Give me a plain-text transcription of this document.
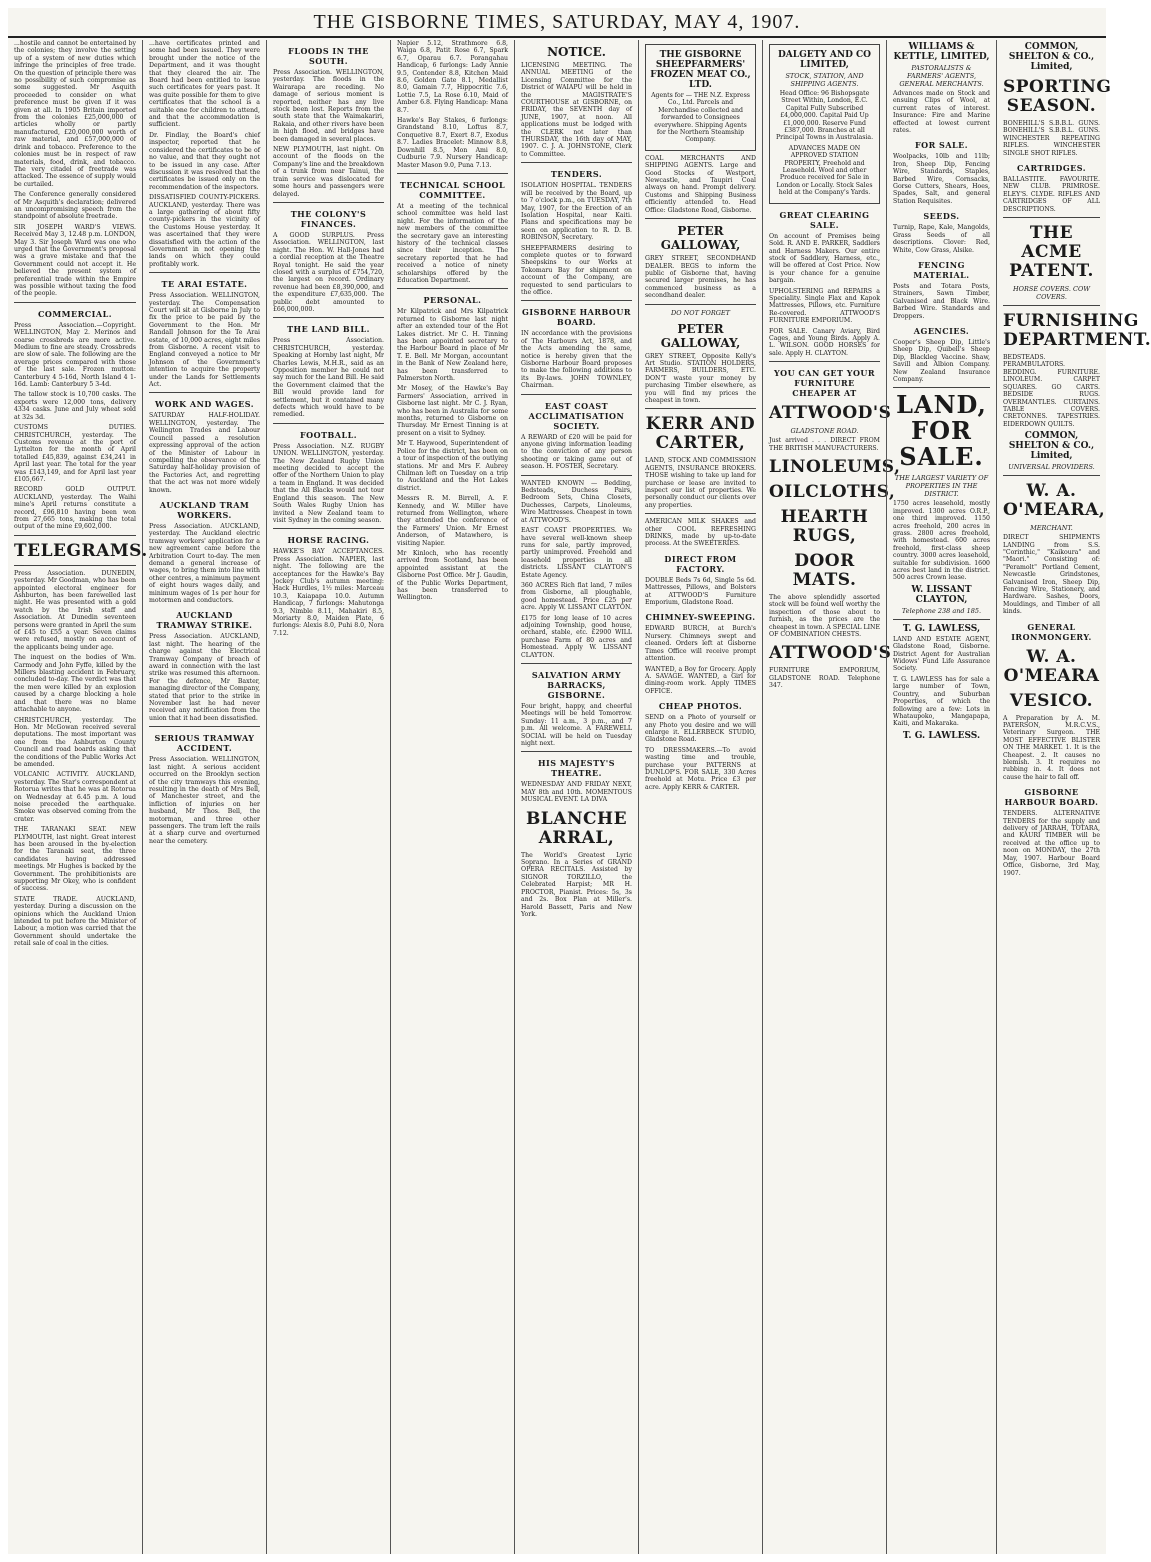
THE GISBORNE TIMES, SATURDAY, MAY 4, 1907.

...hostile and cannot be entertained by the colonies; they involve the setting up of a system of new duties which infringe the principles of free trade. On the question of principle there was no possibility of such compromise as some suggested. Mr Asquith proceeded to consider on what preference must be given if it was given at all. In 1905 Britain imported from the colonies £25,000,000 of articles wholly or partly manufactured, £20,000,000 worth of raw material, and £57,000,000 of drink and tobacco. Preference to the colonies must be in respect of raw materials, food, drink, and tobacco. The very citadel of freetrade was attacked. The essence of supply would be curtailed.

The Conference generally considered of Mr Asquith's declaration; delivered an uncompromising speech from the standpoint of absolute freetrade.

SIR JOSEPH WARD'S VIEWS. Received May 3, 12.48 p.m. LONDON, May 3. Sir Joseph Ward was one who urged that the Government's proposal was a grave mistake and that the Government could not accept it. He believed the present system of preferential trade within the Empire was possible without taxing the food of the people.

COMMERCIAL.

Press Association.—Copyright. WELLINGTON, May 2. Merinos and coarse crossbreds are more active. Medium to fine are steady. Crossbreds are slow of sale. The following are the average prices compared with those of the last sale. Frozen mutton: Canterbury 4 5-16d, North Island 4 1-16d. Lamb: Canterbury 5 3-4d.

The tallow stock is 10,700 casks. The exports were 12,000 tons, delivery 4334 casks. June and July wheat sold at 32s 3d.

CUSTOMS DUTIES. CHRISTCHURCH, yesterday. The Customs revenue at the port of Lyttelton for the month of April totalled £45,839, against £34,241 in April last year. The total for the year was £143,149, and for April last year £105,667.

RECORD GOLD OUTPUT. AUCKLAND, yesterday. The Waihi mine's April returns constitute a record, £96,810 having been won from 27,665 tons, making the total output of the mine £9,602,000.

TELEGRAMS.

Press Association. DUNEDIN, yesterday. Mr Goodman, who has been appointed electoral engineer for Ashburton, has been farewelled last night. He was presented with a gold watch by the Irish staff and Association. At Dunedin seventeen persons were granted in April the sum of £45 to £55 a year. Seven claims were refused, mostly on account of the applicants being under age.

The inquest on the bodies of Wm. Carmody and John Fyffe, killed by the Millers blasting accident in February, concluded to-day. The verdict was that the men were killed by an explosion caused by a charge blocking a hole and that there was no blame attachable to anyone.

CHRISTCHURCH, yesterday. The Hon. Mr McGowan received several deputations. The most important was one from the Ashburton County Council and road boards asking that the conditions of the Public Works Act be amended.

VOLCANIC ACTIVITY. AUCKLAND, yesterday. The Star's correspondent at Rotorua writes that he was at Rotorua on Wednesday at 6.45 p.m. A loud noise preceded the earthquake. Smoke was observed coming from the crater.

THE TARANAKI SEAT. NEW PLYMOUTH, last night. Great interest has been aroused in the by-election for the Taranaki seat, the three candidates having addressed meetings. Mr Hughes is backed by the Government. The prohibitionists are supporting Mr Okey, who is confident of success.

STATE TRADE. AUCKLAND, yesterday. During a discussion on the opinions which the Auckland Union intended to put before the Minister of Labour, a motion was carried that the Government should undertake the retail sale of coal in the cities.

...have certificates printed and some had been issued. They were brought under the notice of the Department, and it was thought that they cleared the air. The Board had been entitled to issue such certificates for years past. It was quite possible for them to give certificates that the school is a suitable one for children to attend, and that the accommodation is sufficient.

Dr. Findlay, the Board's chief inspector, reported that he considered the certificates to be of no value, and that they ought not to be issued in any case. After discussion it was resolved that the certificates be issued only on the recommendation of the inspectors.

DISSATISFIED COUNTY-PICKERS. AUCKLAND, yesterday. There was a large gathering of about fifty county-pickers in the vicinity of the Customs House yesterday. It was ascertained that they were dissatisfied with the action of the Government in not opening the lands on which they could profitably work.

TE ARAI ESTATE.

Press Association. WELLINGTON, yesterday. The Compensation Court will sit at Gisborne in July to fix the price to be paid by the Government to the Hon. Mr Randall Johnson for the Te Arai estate, of 10,000 acres, eight miles from Gisborne. A recent visit to England conveyed a notice to Mr Johnson of the Government's intention to acquire the property under the Lands for Settlements Act.

WORK AND WAGES.

SATURDAY HALF-HOLIDAY. WELLINGTON, yesterday. The Wellington Trades and Labour Council passed a resolution expressing approval of the action of the Minister of Labour in compelling the observance of the Saturday half-holiday provision of the Factories Act, and regretting that the act was not more widely known.

AUCKLAND TRAM WORKERS.

Press Association. AUCKLAND, yesterday. The Auckland electric tramway workers' application for a new agreement came before the Arbitration Court to-day. The men demand a general increase of wages, to bring them into line with other centres, a minimum payment of eight hours wages daily, and minimum wages of 1s per hour for motormen and conductors.

AUCKLAND TRAMWAY STRIKE.

Press Association. AUCKLAND, last night. The hearing of the charge against the Electrical Tramway Company of breach of award in connection with the last strike was resumed this afternoon. For the defence, Mr Baxter, managing director of the Company, stated that prior to the strike in November last he had never received any notification from the union that it had been dissatisfied.

SERIOUS TRAMWAY ACCIDENT.

Press Association. WELLINGTON, last night. A serious accident occurred on the Brooklyn section of the city tramways this evening, resulting in the death of Mrs Bell, of Manchester street, and the infliction of injuries on her husband, Mr Thos. Bell, the motorman, and three other passengers. The tram left the rails at a sharp curve and overturned near the cemetery.

FLOODS IN THE SOUTH.

Press Association. WELLINGTON, yesterday. The floods in the Wairarapa are receding. No damage of serious moment is reported, neither has any live stock been lost. Reports from the south state that the Waimakariri, Rakaia, and other rivers have been in high flood, and bridges have been damaged in several places.

NEW PLYMOUTH, last night. On account of the floods on the Company's line and the breakdown of a trunk from near Tainui, the train service was dislocated for some hours and passengers were delayed.

THE COLONY'S FINANCES.

A GOOD SURPLUS. Press Association. WELLINGTON, last night. The Hon. W. Hall-Jones had a cordial reception at the Theatre Royal tonight. He said the year closed with a surplus of £754,720, the largest on record. Ordinary revenue had been £8,390,000, and the expenditure £7,635,000. The public debt amounted to £66,000,000.

THE LAND BILL.

Press Association. CHRISTCHURCH, yesterday. Speaking at Hornby last night, Mr Charles Lewis, M.H.R., said as an Opposition member he could not say much for the Land Bill. He said the Government claimed that the Bill would provide land for settlement, but it contained many defects which would have to be remedied.

FOOTBALL.

Press Association. N.Z. RUGBY UNION. WELLINGTON, yesterday. The New Zealand Rugby Union meeting decided to accept the offer of the Northern Union to play a team in England. It was decided that the All Blacks would not tour England this season. The New South Wales Rugby Union has invited a New Zealand team to visit Sydney in the coming season.

HORSE RACING.

HAWKE'S BAY ACCEPTANCES. Press Association. NAPIER, last night. The following are the acceptances for the Hawke's Bay Jockey Club's autumn meeting: Hack Hurdles, 1½ miles: Marceau 10.3, Kaiapapa 10.0. Autumn Handicap, 7 furlongs: Mahutonga 9.3, Nimble 8.11, Mahakiri 8.5, Moriarty 8.0, Maiden Plate, 6 furlongs: Alexis 8.0, Puhi 8.0, Nora 7.12.

Napier 5.12, Strathmore 6.8, Waiga 6.8, Patit Rose 6.7, Spark 6.7, Oparau 6.7. Porangahau Handicap, 6 furlongs: Lady Annie 9.5, Contender 8.8, Kitchen Maid 8.6, Golden Gate 8.1, Medallist 8.0, Gamain 7.7, Hippocritic 7.6, Lottie 7.5, La Rose 6.10, Maid of Amber 6.8. Flying Handicap: Mana 8.7.

Hawke's Bay Stakes, 6 furlongs: Grandstand 8.10, Loftus 8.7, Conquetive 8.7, Exert 8.7, Exodus 8.7. Ladies Bracelet: Minnow 8.8, Downhill 8.5, Mon Ami 8.0, Cudburie 7.9. Nursery Handicap: Master Mason 9.0, Puna 7.13.

TECHNICAL SCHOOL COMMITTEE.

At a meeting of the technical school committee was held last night. For the information of the new members of the committee the secretary gave an interesting history of the technical classes since their inception. The secretary reported that he had received a notice of ninety scholarships offered by the Education Department.

PERSONAL.

Mr Kilpatrick and Mrs Kilpatrick returned to Gisborne last night after an extended tour of the Hot Lakes district. Mr C. H. Tinning has been appointed secretary to the Harbour Board in place of Mr T. E. Bell. Mr Morgan, accountant in the Bank of New Zealand here, has been transferred to Palmerston North.

Mr Mosey, of the Hawke's Bay Farmers' Association, arrived in Gisborne last night. Mr C. J. Ryan, who has been in Australia for some months, returned to Gisborne on Thursday. Mr Ernest Tinning is at present on a visit to Sydney.

Mr T. Haywood, Superintendent of Police for the district, has been on a tour of inspection of the outlying stations. Mr and Mrs F. Aubrey Chilman left on Tuesday on a trip to Auckland and the Hot Lakes district.

Messrs R. M. Birrell, A. F. Kennedy, and W. Miller have returned from Wellington, where they attended the conference of the Farmers' Union. Mr Ernest Anderson, of Matawhero, is visiting Napier.

Mr Kinloch, who has recently arrived from Scotland, has been appointed assistant at the Gisborne Post Office. Mr J. Gaudin, of the Public Works Department, has been transferred to Wellington.

NOTICE.

LICENSING MEETING. The ANNUAL MEETING of the Licensing Committee for the District of WAIAPU will be held in the MAGISTRATE'S COURTHOUSE at GISBORNE, on FRIDAY, the SEVENTH day of JUNE, 1907, at noon. All applications must be lodged with the CLERK not later than THURSDAY, the 16th day of MAY, 1907. C. J. A. JOHNSTONE, Clerk to Committee.

TENDERS.

ISOLATION HOSPITAL. TENDERS will be received by the Board, up to 7 o'clock p.m., on TUESDAY, 7th May, 1907, for the Erection of an Isolation Hospital, near Kaiti. Plans and specifications may be seen on application to R. D. B. ROBINSON, Secretary.

SHEEPFARMERS desiring to complete quotes or to forward Sheepskins to our Works at Tokomaru Bay for shipment on account of the Company, are requested to send particulars to the office.

GISBORNE HARBOUR BOARD.

IN accordance with the provisions of The Harbours Act, 1878, and the Acts amending the same, notice is hereby given that the Gisborne Harbour Board proposes to make the following additions to its By-laws. JOHN TOWNLEY, Chairman.

EAST COAST ACCLIMATISATION SOCIETY.

A REWARD of £20 will be paid for anyone giving information leading to the conviction of any person shooting or taking game out of season. H. FOSTER, Secretary.

WANTED KNOWN — Bedding, Bedsteads, Duchess Pairs, Bedroom Sets, China Closets, Duchesses, Carpets, Linoleums, Wire Mattresses. Cheapest in town at ATTWOOD'S.

EAST COAST PROPERTIES. We have several well-known sheep runs for sale, partly improved, partly unimproved. Freehold and leasehold properties in all districts. LISSANT CLAYTON'S Estate Agency.

360 ACRES Rich flat land, 7 miles from Gisborne, all ploughable, good homestead. Price £25 per acre. Apply W. LISSANT CLAYTON.

£175 for long lease of 10 acres adjoining Township, good house, orchard, stable, etc. £2900 WILL purchase Farm of 80 acres and Homestead. Apply W. LISSANT CLAYTON.

SALVATION ARMY BARRACKS, GISBORNE.

Four bright, happy, and cheerful Meetings will be held Tomorrow. Sunday: 11 a.m., 3 p.m., and 7 p.m. All welcome. A FAREWELL SOCIAL will be held on Tuesday night next.

HIS MAJESTY'S THEATRE.

WEDNESDAY AND FRIDAY NEXT, MAY 8th and 10th. MOMENTOUS MUSICAL EVENT. LA DIVA

BLANCHE ARRAL,

The World's Greatest Lyric Soprano. In a Series of GRAND OPERA RECITALS. Assisted by SIGNOR TORZILLO, the Celebrated Harpist; MR H. PROCTOR, Pianist. Prices: 5s, 3s and 2s. Box Plan at Miller's. Harold Bassett, Paris and New York.

THE GISBORNE SHEEPFARMERS' FROZEN MEAT CO., LTD.

Agents for — THE N.Z. Express Co., Ltd. Parcels and Merchandise collected and forwarded to Consignees everywhere. Shipping Agents for the Northern Steamship Company.

COAL MERCHANTS AND SHIPPING AGENTS. Large and Good Stocks of Westport, Newcastle, and Taupiri Coal always on hand. Prompt delivery. Customs and Shipping Business efficiently attended to. Head Office: Gladstone Road, Gisborne.

PETER GALLOWAY,

GREY STREET, SECONDHAND DEALER. BEGS to inform the public of Gisborne that, having secured larger premises, he has commenced business as a secondhand dealer.

DO NOT FORGET
PETER GALLOWAY,

GREY STREET, Opposite Kelly's Art Studio. STATION HOLDERS, FARMERS, BUILDERS, ETC. DON'T waste your money by purchasing Timber elsewhere, as you will find my prices the cheapest in town.

KERR AND CARTER,

LAND, STOCK AND COMMISSION AGENTS, INSURANCE BROKERS. THOSE wishing to take up land for purchase or lease are invited to inspect our list of properties. We personally conduct our clients over any properties.

AMERICAN MILK SHAKES and other COOL REFRESHING DRINKS, made by up-to-date process. At the SWEETERIES.

DIRECT FROM FACTORY.

DOUBLE Beds 7s 6d, Single 5s 6d. Mattresses, Pillows, and Bolsters at ATTWOOD'S Furniture Emporium, Gladstone Road.

CHIMNEY-SWEEPING.

EDWARD BURCH, at Burch's Nursery. Chimneys swept and cleaned. Orders left at Gisborne Times Office will receive prompt attention.

WANTED, a Boy for Grocery. Apply A. SAVAGE. WANTED, a Girl for dining-room work. Apply TIMES OFFICE.

CHEAP PHOTOS.

SEND on a Photo of yourself or any Photo you desire and we will enlarge it. ELLERBECK STUDIO, Gladstone Road.

TO DRESSMAKERS.—To avoid wasting time and trouble, purchase your PATTERNS at DUNLOP'S. FOR SALE, 330 Acres freehold at Motu. Price £3 per acre. Apply KERR & CARTER.

DALGETY AND CO LIMITED,
STOCK, STATION, AND SHIPPING AGENTS.

Head Office: 96 Bishopsgate Street Within, London, E.C. Capital Fully Subscribed £4,000,000. Capital Paid Up £1,000,000. Reserve Fund £387,000. Branches at all Principal Towns in Australasia.

ADVANCES MADE ON APPROVED STATION PROPERTY, Freehold and Leasehold. Wool and other Produce received for Sale in London or Locally. Stock Sales held at the Company's Yards.

GREAT CLEARING SALE.

On account of Premises being Sold. R. AND E. PARKER, Saddlers and Harness Makers. Our entire stock of Saddlery, Harness, etc., will be offered at Cost Price. Now is your chance for a genuine bargain.

UPHOLSTERING and REPAIRS a Speciality. Single Flax and Kapok Mattresses, Pillows, etc. Furniture Re-covered. ATTWOOD'S FURNITURE EMPORIUM.

FOR SALE. Canary Aviary, Bird Cages, and Young Birds. Apply A. L. WILSON. GOOD HORSES for sale. Apply H. CLAYTON.

YOU CAN GET YOUR FURNITURE CHEAPER AT
ATTWOOD'S
GLADSTONE ROAD.

Just arrived . . . DIRECT FROM THE BRITISH MANUFACTURERS.

LINOLEUMS,
OILCLOTHS,
HEARTH RUGS,
DOOR MATS.

The above splendidly assorted stock will be found well worthy the inspection of those about to furnish, as the prices are the cheapest in town. A SPECIAL LINE OF COMBINATION CHESTS.

ATTWOOD'S

FURNITURE EMPORIUM, GLADSTONE ROAD. Telephone 347.

WILLIAMS & KETTLE, LIMITED,
PASTORALISTS & FARMERS' AGENTS, GENERAL MERCHANTS.

Advances made on Stock and ensuing Clips of Wool, at current rates of interest. Insurance: Fire and Marine effected at lowest current rates.

FOR SALE.

Woolpacks, 10lb and 11lb; Iron, Sheep Dip, Fencing Wire, Standards, Staples, Barbed Wire, Cornsacks, Gorse Cutters, Shears, Hoes, Spades, Salt, and general Station Requisites.

SEEDS.

Turnip, Rape, Kale, Mangolds, Grass Seeds of all descriptions. Clover: Red, White, Cow Grass, Alsike.

FENCING MATERIAL.

Posts and Totara Posts, Strainers, Sawn Timber, Galvanised and Black Wire. Barbed Wire. Standards and Droppers.

AGENCIES.

Cooper's Sheep Dip, Little's Sheep Dip, Quibell's Sheep Dip, Blackleg Vaccine. Shaw, Savill and Albion Company. New Zealand Insurance Company.

LAND, FOR SALE.
THE LARGEST VARIETY OF PROPERTIES IN THE DISTRICT.

1750 acres leasehold, mostly improved. 1300 acres O.R.P., one third improved. 1150 acres freehold, 200 acres in grass. 2800 acres freehold, with homestead. 600 acres freehold, first-class sheep country. 3000 acres leasehold, suitable for subdivision. 1600 acres best land in the district. 500 acres Crown lease.

W. LISSANT CLAYTON,
Telephone 238 and 185.
T. G. LAWLESS,

LAND AND ESTATE AGENT, Gladstone Road, Gisborne. District Agent for Australian Widows' Fund Life Assurance Society.

T. G. LAWLESS has for sale a large number of Town, Country, and Suburban Properties, of which the following are a few: Lots in Whataupoko, Mangapapa, Kaiti, and Makaraka.

T. G. LAWLESS.
COMMON, SHELTON & CO., Limited,
SPORTING SEASON.

BONEHILL'S S.B.B.L. GUNS. BONEHILL'S S.B.B.L. GUNS. WINCHESTER REPEATING RIFLES. WINCHESTER SINGLE SHOT RIFLES.

CARTRIDGES.

BALLASTITE. FAVOURITE. NEW CLUB. PRIMROSE. ELEY'S. CLYDE. RIFLES AND CARTRIDGES OF ALL DESCRIPTIONS.

THE ACME PATENT.
HORSE COVERS. COW COVERS.
FURNISHING DEPARTMENT.

BEDSTEADS. PERAMBULATORS. BEDDING. FURNITURE. LINOLEUM. CARPET SQUARES. GO CARTS. BEDSIDE RUGS. OVERMANTLES. CURTAINS. TABLE COVERS. CRETONNES. TAPESTRIES. EIDERDOWN QUILTS.

COMMON, SHELTON & CO., Limited,
UNIVERSAL PROVIDERS.
W. A. O'MEARA,
MERCHANT.

DIRECT SHIPMENTS LANDING from S.S. "Corinthic," "Kaikoura" and "Maori." Consisting of: "Peramolt" Portland Cement, Newcastle Grindstones, Galvanised Iron, Sheep Dip, Fencing Wire, Stationery, and Hardware. Sashes, Doors, Mouldings, and Timber of all kinds.

GENERAL IRONMONGERY.
W. A. O'MEARA
VESICO.

A Preparation by A. M. PATERSON, M.R.C.V.S., Veterinary Surgeon. THE MOST EFFECTIVE BLISTER ON THE MARKET. 1. It is the Cheapest. 2. It causes no blemish. 3. It requires no rubbing in. 4. It does not cause the hair to fall off.

GISBORNE HARBOUR BOARD.

TENDERS. ALTERNATIVE TENDERS for the supply and delivery of JARRAH, TOTARA, and KAURI TIMBER will be received at the office up to noon on MONDAY, the 27th May, 1907. Harbour Board Office, Gisborne, 3rd May, 1907.
